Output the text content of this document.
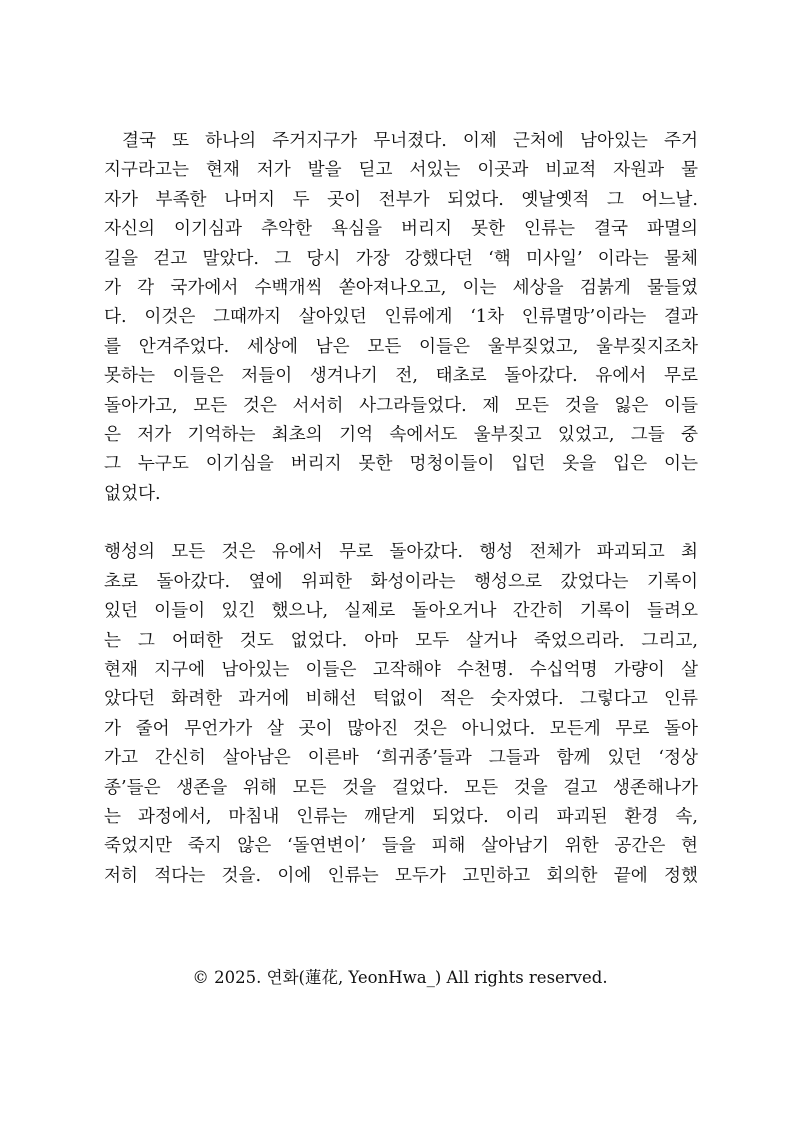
결국 또 하나의 주거지구가 무너졌다. 이제 근처에 남아있는 주거
지구라고는 현재 저가 발을 딛고 서있는 이곳과 비교적 자원과 물
자가 부족한 나머지 두 곳이 전부가 되었다. 옛날옛적 그 어느날.
자신의 이기심과 추악한 욕심을 버리지 못한 인류는 결국 파멸의
길을 걷고 말았다. 그 당시 가장 강했다던 ‘핵 미사일’ 이라는 물체
가 각 국가에서 수백개씩 쏟아져나오고, 이는 세상을 검붉게 물들였
다. 이것은 그때까지 살아있던 인류에게 ‘1차 인류멸망’이라는 결과
를 안겨주었다. 세상에 남은 모든 이들은 울부짖었고, 울부짖지조차
못하는 이들은 저들이 생겨나기 전, 태초로 돌아갔다. 유에서 무로
돌아가고, 모든 것은 서서히 사그라들었다. 제 모든 것을 잃은 이들
은 저가 기억하는 최초의 기억 속에서도 울부짖고 있었고, 그들 중
그 누구도 이기심을 버리지 못한 멍청이들이 입던 옷을 입은 이는
없었다.
행성의 모든 것은 유에서 무로 돌아갔다. 행성 전체가 파괴되고 최
초로 돌아갔다. 옆에 위피한 화성이라는 행성으로 갔었다는 기록이
있던 이들이 있긴 했으나, 실제로 돌아오거나 간간히 기록이 들려오
는 그 어떠한 것도 없었다. 아마 모두 살거나 죽었으리라. 그리고,
현재 지구에 남아있는 이들은 고작해야 수천명. 수십억명 가량이 살
았다던 화려한 과거에 비해선 턱없이 적은 숫자였다. 그렇다고 인류
가 줄어 무언가가 살 곳이 많아진 것은 아니었다. 모든게 무로 돌아
가고 간신히 살아남은 이른바 ‘희귀종’들과 그들과 함께 있던 ‘정상
종’들은 생존을 위해 모든 것을 걸었다. 모든 것을 걸고 생존해나가
는 과정에서, 마침내 인류는 깨닫게 되었다. 이리 파괴된 환경 속,
죽었지만 죽지 않은 ‘돌연변이’ 들을 피해 살아남기 위한 공간은 현
저히 적다는 것을. 이에 인류는 모두가 고민하고 회의한 끝에 정했
© 2025. 연화(蓮花, YeonHwa_) All rights reserved.
